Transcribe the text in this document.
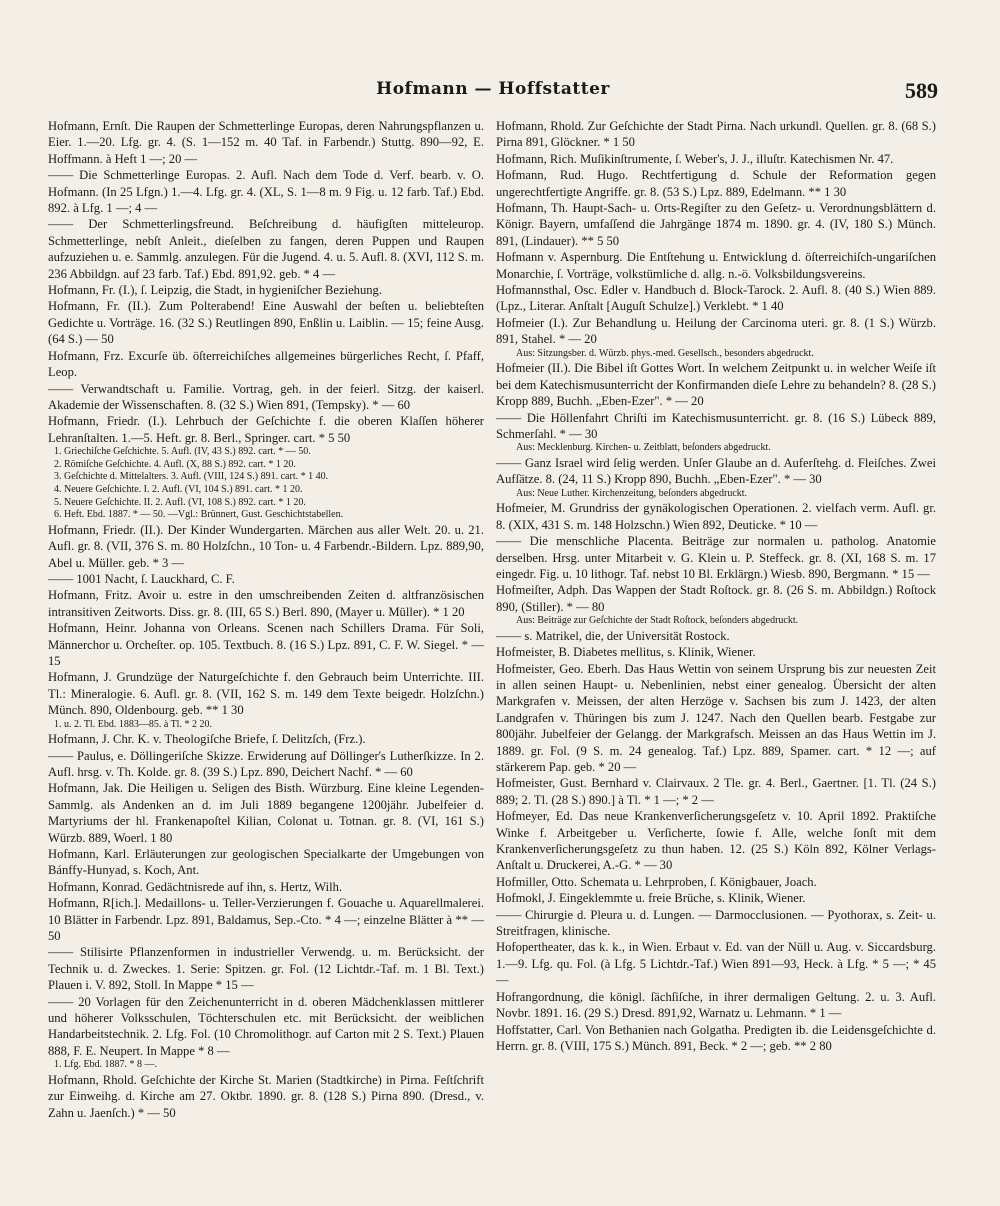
Hofmann — Hoffstatter	589

Hofmann, Ernſt. Die Raupen der Schmetterlinge Europas, deren Nahrungspflanzen u. Eier. 1.—20. Lfg. gr. 4. (S. 1—152 m. 40 Taf. in Farbendr.) Stuttg. 890—92, E. Hoffmann. à Heft 1 —; 20 —

—— Die Schmetterlinge Europas. 2. Aufl. Nach dem Tode d. Verf. bearb. v. O. Hofmann. (In 25 Lfgn.) 1.—4. Lfg. gr. 4. (XL, S. 1—8 m. 9 Fig. u. 12 farb. Taf.) Ebd. 892. à Lfg. 1 —; 4 —

—— Der Schmetterlingsfreund. Beſchreibung d. häufigſten mitteleurop. Schmetterlinge, nebſt Anleit., dieſelben zu fangen, deren Puppen und Raupen aufzuziehen u. e. Sammlg. anzulegen. Für die Jugend. 4. u. 5. Aufl. 8. (XVI, 112 S. m. 236 Abbildgn. auf 23 farb. Taf.) Ebd. 891,92. geb. * 4 —

Hofmann, Fr. (I.), ſ. Leipzig, die Stadt, in hygieniſcher Beziehung.

Hofmann, Fr. (II.). Zum Polterabend! Eine Auswahl der beſten u. beliebteſten Gedichte u. Vorträge. 16. (32 S.) Reutlingen 890, Enßlin u. Laiblin. — 15; feine Ausg. (64 S.) — 50

Hofmann, Frz. Excurſe üb. öſterreichiſches allgemeines bürgerliches Recht, ſ. Pfaff, Leop.

—— Verwandtschaft u. Familie. Vortrag, geh. in der feierl. Sitzg. der kaiserl. Akademie der Wissenschaften. 8. (32 S.) Wien 891, (Tempsky). * — 60

Hofmann, Friedr. (I.). Lehrbuch der Geſchichte f. die oberen Klaſſen höherer Lehranſtalten. 1.—5. Heft. gr. 8. Berl., Springer. cart. * 5 50

1. Griechiſche Geſchichte. 5. Aufl. (IV, 43 S.) 892. cart. * — 50.

2. Römiſche Geſchichte. 4. Aufl. (X, 88 S.) 892. cart. * 1 20.

3. Geſchichte d. Mittelalters. 3. Aufl. (VIII, 124 S.) 891. cart. * 1 40.

4. Neuere Geſchichte. I. 2. Aufl. (VI, 104 S.) 891. cart. * 1 20.

5. Neuere Geſchichte. II. 2. Aufl. (VI, 108 S.) 892. cart. * 1 20.

6. Heft. Ebd. 1887. * — 50. —Vgl.: Brünnert, Gust. Geschichtstabellen.

Hofmann, Friedr. (II.). Der Kinder Wundergarten. Märchen aus aller Welt. 20. u. 21. Aufl. gr. 8. (VII, 376 S. m. 80 Holzſchn., 10 Ton- u. 4 Farbendr.-Bildern. Lpz. 889,90, Abel u. Müller. geb. * 3 —

—— 1001 Nacht, ſ. Lauckhard, C. F.

Hofmann, Fritz. Avoir u. estre in den umschreibenden Zeiten d. altfranzösischen intransitiven Zeitworts. Diss. gr. 8. (III, 65 S.) Berl. 890, (Mayer u. Müller). * 1 20

Hofmann, Heinr. Johanna von Orleans. Scenen nach Schillers Drama. Für Soli, Männerchor u. Orcheſter. op. 105. Textbuch. 8. (16 S.) Lpz. 891, C. F. W. Siegel. * — 15

Hofmann, J. Grundzüge der Naturgeſchichte f. den Gebrauch beim Unterrichte. III. Tl.: Mineralogie. 6. Aufl. gr. 8. (VII, 162 S. m. 149 dem Texte beigedr. Holzſchn.) Münch. 890, Oldenbourg. geb. ** 1 30

1. u. 2. Tl. Ebd. 1883—85. à Tl. * 2 20.

Hofmann, J. Chr. K. v. Theologiſche Briefe, ſ. Delitzſch, (Frz.).

—— Paulus, e. Döllingeriſche Skizze. Erwiderung auf Döllinger's Lutherſkizze. In 2. Aufl. hrsg. v. Th. Kolde. gr. 8. (39 S.) Lpz. 890, Deichert Nachf. * — 60

Hofmann, Jak. Die Heiligen u. Seligen des Bisth. Würzburg. Eine kleine Legenden-Sammlg. als Andenken an d. im Juli 1889 begangene 1200jähr. Jubelfeier d. Martyriums der hl. Frankenapoſtel Kilian, Colonat u. Totnan. gr. 8. (VI, 161 S.) Würzb. 889, Woerl. 1 80

Hofmann, Karl. Erläuterungen zur geologischen Specialkarte der Umgebungen von Bánffy-Hunyad, s. Koch, Ant.

Hofmann, Konrad. Gedächtnisrede auf ihn, s. Hertz, Wilh.

Hofmann, R[ich.]. Medaillons- u. Teller-Verzierungen f. Gouache u. Aquarellmalerei. 10 Blätter in Farbendr. Lpz. 891, Baldamus, Sep.-Cto. * 4 —; einzelne Blätter à ** — 50

—— Stilisirte Pflanzenformen in industrieller Verwendg. u. m. Berücksicht. der Technik u. d. Zweckes. 1. Serie: Spitzen. gr. Fol. (12 Lichtdr.-Taf. m. 1 Bl. Text.) Plauen i. V. 892, Stoll. In Mappe * 15 —

—— 20 Vorlagen für den Zeichenunterricht in d. oberen Mädchenklassen mittlerer und höherer Volksschulen, Töchterschulen etc. mit Berücksicht. der weiblichen Handarbeitstechnik. 2. Lfg. Fol. (10 Chromolithogr. auf Carton mit 2 S. Text.) Plauen 888, F. E. Neupert. In Mappe * 8 —

1. Lfg. Ebd. 1887. * 8 —.

Hofmann, Rhold. Geſchichte der Kirche St. Marien (Stadtkirche) in Pirna. Feſtſchrift zur Einweihg. d. Kirche am 27. Oktbr. 1890. gr. 8. (128 S.) Pirna 890. (Dresd., v. Zahn u. Jaenſch.) * — 50

Hofmann, Rhold. Zur Geſchichte der Stadt Pirna. Nach urkundl. Quellen. gr. 8. (68 S.) Pirna 891, Glöckner. * 1 50

Hofmann, Rich. Muſikinſtrumente, ſ. Weber's, J. J., illuſtr. Katechismen Nr. 47.

Hofmann, Rud. Hugo. Rechtfertigung d. Schule der Reformation gegen ungerechtfertigte Angriffe. gr. 8. (53 S.) Lpz. 889, Edelmann. ** 1 30

Hofmann, Th. Haupt-Sach- u. Orts-Regiſter zu den Geſetz- u. Verordnungsblättern d. Königr. Bayern, umfaſſend die Jahrgänge 1874 m. 1890. gr. 4. (IV, 180 S.) Münch. 891, (Lindauer). ** 5 50

Hofmann v. Aspernburg. Die Entſtehung u. Entwicklung d. öſterreichiſch-ungariſchen Monarchie, ſ. Vorträge, volkstümliche d. allg. n.-ö. Volksbildungsvereins.

Hofmannsthal, Osc. Edler v. Handbuch d. Block-Tarock. 2. Aufl. 8. (40 S.) Wien 889. (Lpz., Literar. Anſtalt [Auguſt Schulze].) Verklebt. * 1 40

Hofmeier (I.). Zur Behandlung u. Heilung der Carcinoma uteri. gr. 8. (1 S.) Würzb. 891, Stahel. * — 20

Aus: Sitzungsber. d. Würzb. phys.-med. Gesellsch., besonders abgedruckt.

Hofmeier (II.). Die Bibel iſt Gottes Wort. In welchem Zeitpunkt u. in welcher Weiſe iſt bei dem Katechismusunterricht der Konfirmanden dieſe Lehre zu behandeln? 8. (28 S.) Kropp 889, Buchh. „Eben-Ezer". * — 20

—— Die Höllenfahrt Chriſti im Katechismusunterricht. gr. 8. (16 S.) Lübeck 889, Schmerſahl. * — 30

Aus: Mecklenburg. Kirchen- u. Zeitblatt, beſonders abgedruckt.

—— Ganz Israel wird ſelig werden. Unſer Glaube an d. Auferſtehg. d. Fleiſches. Zwei Aufſätze. 8. (24, 11 S.) Kropp 890, Buchh. „Eben-Ezer". * — 30

Aus: Neue Luther. Kirchenzeitung, beſonders abgedruckt.

Hofmeier, M. Grundriss der gynäkologischen Operationen. 2. vielfach verm. Aufl. gr. 8. (XIX, 431 S. m. 148 Holzschn.) Wien 892, Deuticke. * 10 —

—— Die menschliche Placenta. Beiträge zur normalen u. patholog. Anatomie derselben. Hrsg. unter Mitarbeit v. G. Klein u. P. Steffeck. gr. 8. (XI, 168 S. m. 17 eingedr. Fig. u. 10 lithogr. Taf. nebst 10 Bl. Erklärgn.) Wiesb. 890, Bergmann. * 15 —

Hofmeiſter, Adph. Das Wappen der Stadt Roſtock. gr. 8. (26 S. m. Abbildgn.) Roſtock 890, (Stiller). * — 80

Aus: Beiträge zur Geſchichte der Stadt Roſtock, beſonders abgedruckt.

—— s. Matrikel, die, der Universität Rostock.

Hofmeister, B. Diabetes mellitus, s. Klinik, Wiener.

Hofmeister, Geo. Eberh. Das Haus Wettin von seinem Ursprung bis zur neuesten Zeit in allen seinen Haupt- u. Nebenlinien, nebst einer genealog. Übersicht der alten Markgrafen v. Meissen, der alten Herzöge v. Sachsen bis zum J. 1423, der alten Landgrafen v. Thüringen bis zum J. 1247. Nach den Quellen bearb. Festgabe zur 800jähr. Jubelfeier der Gelangg. der Markgrafsch. Meissen an das Haus Wettin im J. 1889. gr. Fol. (9 S. m. 24 genealog. Taf.) Lpz. 889, Spamer. cart. * 12 —; auf stärkerem Pap. geb. * 20 —

Hofmeister, Gust. Bernhard v. Clairvaux. 2 Tle. gr. 4. Berl., Gaertner. [1. Tl. (24 S.) 889; 2. Tl. (28 S.) 890.] à Tl. * 1 —; * 2 —

Hofmeyer, Ed. Das neue Krankenverſicherungsgeſetz v. 10. April 1892. Praktiſche Winke f. Arbeitgeber u. Verſicherte, ſowie f. Alle, welche ſonſt mit dem Krankenverſicherungsgeſetz zu thun haben. 12. (25 S.) Köln 892, Kölner Verlags-Anſtalt u. Druckerei, A.-G. * — 30

Hofmiller, Otto. Schemata u. Lehrproben, ſ. Königbauer, Joach.

Hofmokl, J. Eingeklemmte u. freie Brüche, s. Klinik, Wiener.

—— Chirurgie d. Pleura u. d. Lungen. — Darmocclusionen. — Pyothorax, s. Zeit- u. Streitfragen, klinische.

Hofopertheater, das k. k., in Wien. Erbaut v. Ed. van der Nüll u. Aug. v. Siccardsburg. 1.—9. Lfg. qu. Fol. (à Lfg. 5 Lichtdr.-Taf.) Wien 891—93, Heck. à Lfg. * 5 —; * 45 —

Hofrangordnung, die königl. ſächſiſche, in ihrer dermaligen Geltung. 2. u. 3. Aufl. Novbr. 1891. 16. (29 S.) Dresd. 891,92, Warnatz u. Lehmann. * 1 —

Hoffstatter, Carl. Von Bethanien nach Golgatha. Predigten ib. die Leidensgeſchichte d. Herrn. gr. 8. (VIII, 175 S.) Münch. 891, Beck. * 2 —; geb. ** 2 80
